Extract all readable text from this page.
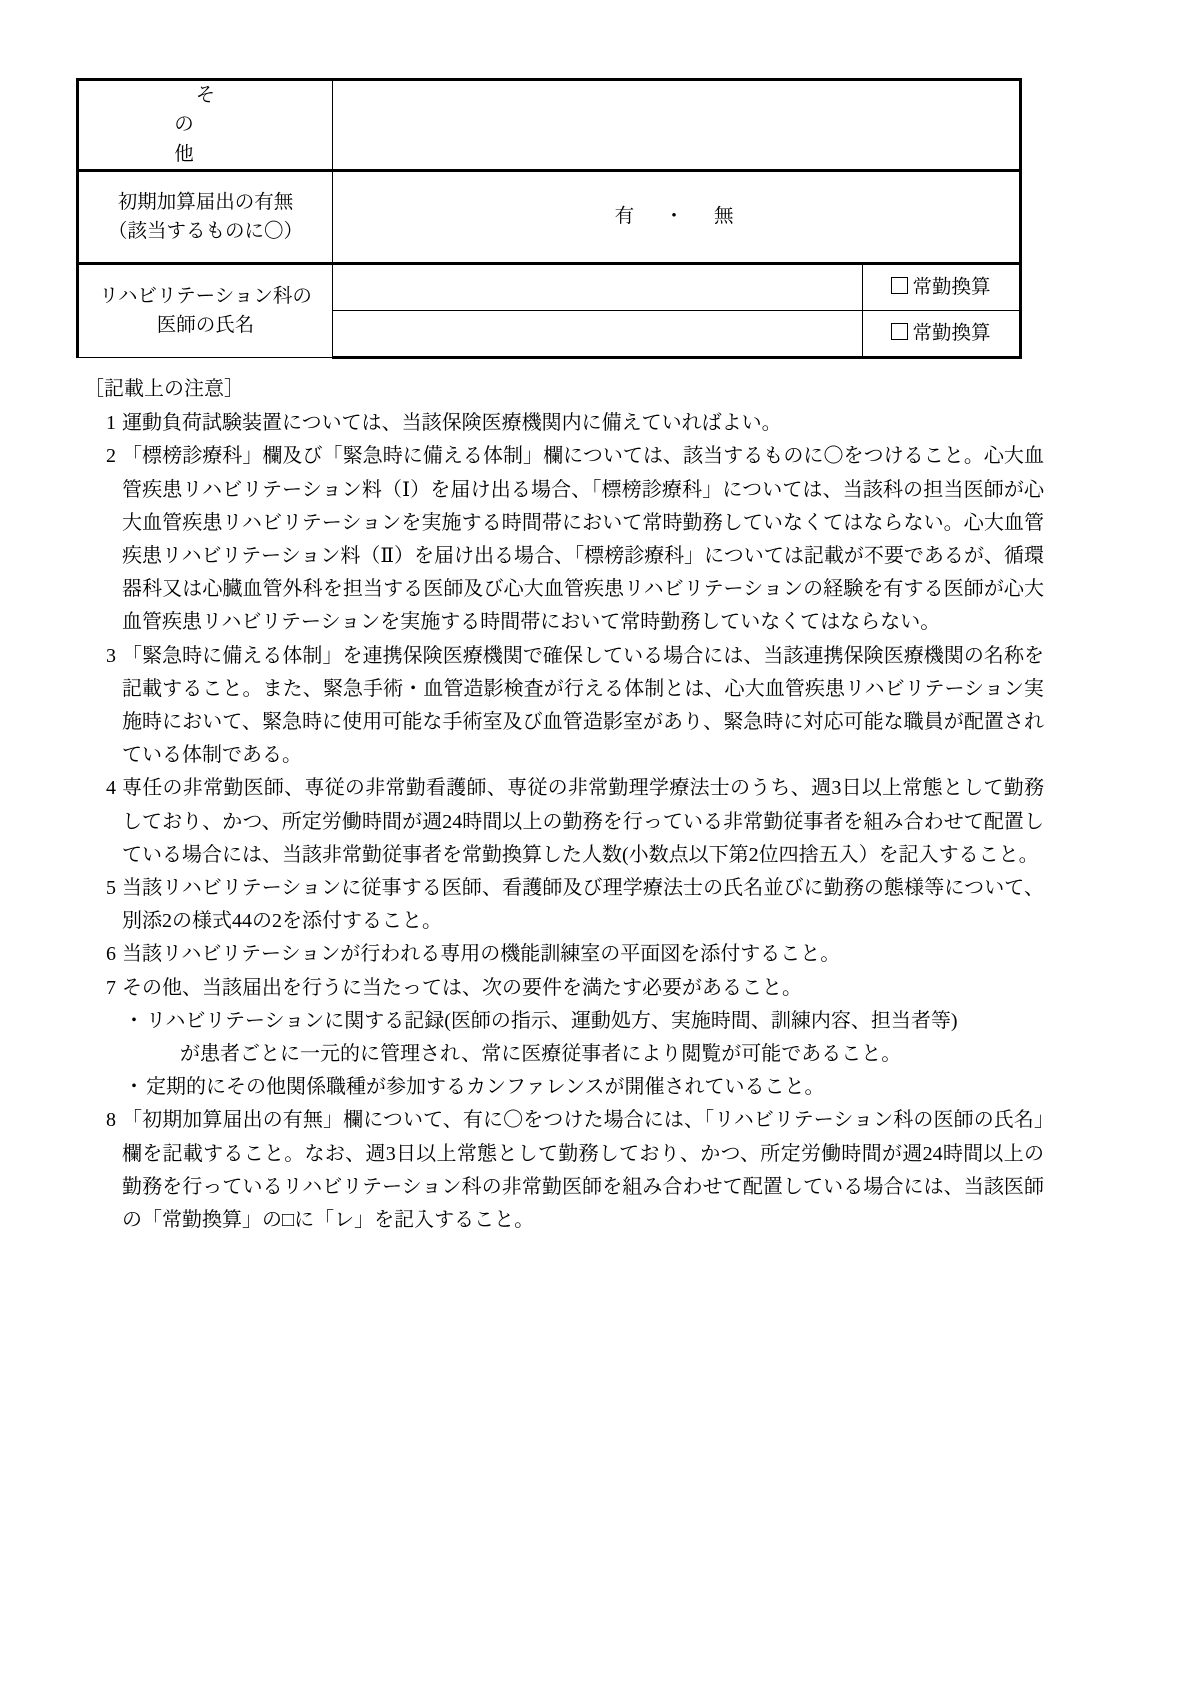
そ　　　の　　　他		

初期加算届出の有無
（該当するものに〇）	有 ・ 無	

リハビリテーション科の
医師の氏名		常勤換算
		常勤換算

［記載上の注意］

1 運動負荷試験装置については、当該保険医療機関内に備えていればよい。
2 「標榜診療科」欄及び「緊急時に備える体制」欄については、該当するものに〇をつけること。心大血管疾患リハビリテーション料（Ⅰ）を届け出る場合、「標榜診療科」については、当該科の担当医師が心大血管疾患リハビリテーションを実施する時間帯において常時勤務していなくてはならない。心大血管疾患リハビリテーション料（Ⅱ）を届け出る場合、「標榜診療科」については記載が不要であるが、循環器科又は心臓血管外科を担当する医師及び心大血管疾患リハビリテーションの経験を有する医師が心大血管疾患リハビリテーションを実施する時間帯において常時勤務していなくてはならない。
3 「緊急時に備える体制」を連携保険医療機関で確保している場合には、当該連携保険医療機関の名称を記載すること。また、緊急手術・血管造影検査が行える体制とは、心大血管疾患リハビリテーション実施時において、緊急時に使用可能な手術室及び血管造影室があり、緊急時に対応可能な職員が配置されている体制である。
4 専任の非常勤医師、専従の非常勤看護師、専従の非常勤理学療法士のうち、週3日以上常態として勤務しており、かつ、所定労働時間が週24時間以上の勤務を行っている非常勤従事者を組み合わせて配置している場合には、当該非常勤従事者を常勤換算した人数(小数点以下第2位四捨五入）を記入すること。
5 当該リハビリテーションに従事する医師、看護師及び理学療法士の氏名並びに勤務の態様等について、別添2の様式44の2を添付すること。
6 当該リハビリテーションが行われる専用の機能訓練室の平面図を添付すること。
7 その他、当該届出を行うに当たっては、次の要件を満たす必要があること。
・ リハビリテーションに関する記録(医師の指示、運動処方、実施時間、訓練内容、担当者等)
が患者ごとに一元的に管理され、常に医療従事者により閲覧が可能であること。
・ 定期的にその他関係職種が参加するカンファレンスが開催されていること。
8 「初期加算届出の有無」欄について、有に〇をつけた場合には、「リハビリテーション科の医師の氏名」欄を記載すること。なお、週3日以上常態として勤務しており、かつ、所定労働時間が週24時間以上の勤務を行っているリハビリテーション科の非常勤医師を組み合わせて配置している場合には、当該医師の「常勤換算」の□に「レ」を記入すること。
